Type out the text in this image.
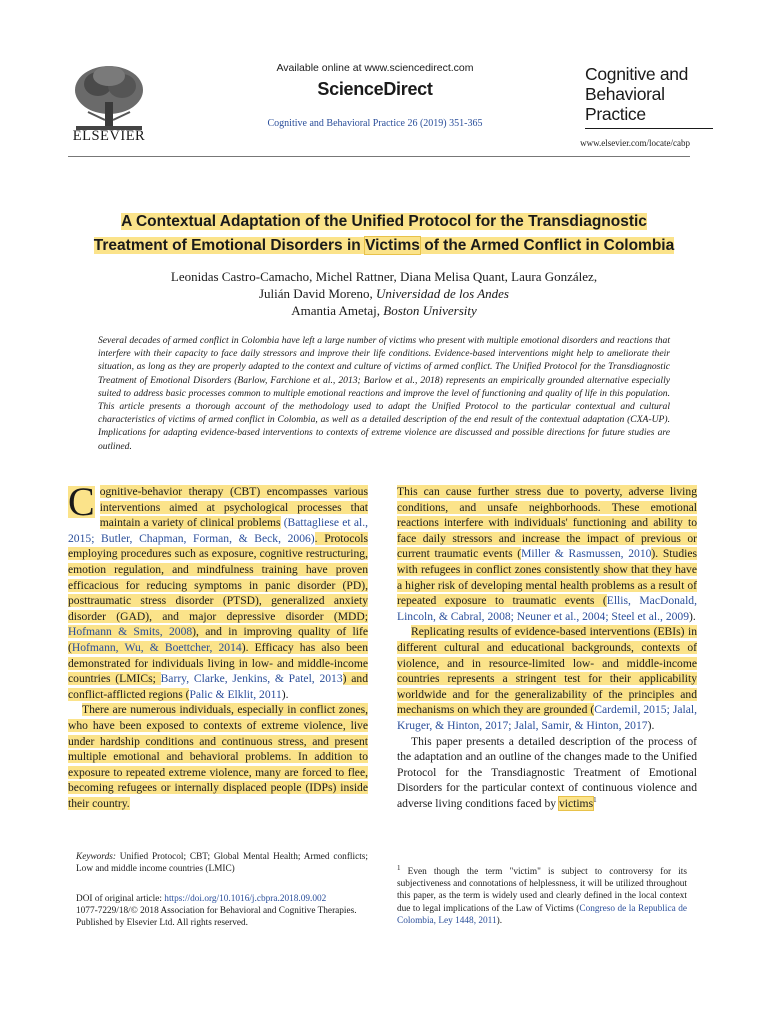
ELSEVIER
Available online at www.sciencedirect.com
ScienceDirect
Cognitive and Behavioral Practice 26 (2019) 351-365
Cognitive and
Behavioral
Practice
www.elsevier.com/locate/cabp
A Contextual Adaptation of the Unified Protocol for the Transdiagnostic
Treatment of Emotional Disorders in Victims of the Armed Conflict in Colombia
Leonidas Castro-Camacho, Michel Rattner, Diana Melisa Quant, Laura González,
Julián David Moreno, Universidad de los Andes
Amantia Ametaj, Boston University
Several decades of armed conflict in Colombia have left a large number of victims who present with multiple emotional disorders and reactions that interfere with their capacity to face daily stressors and improve their life conditions. Evidence-based interventions might help to ameliorate their situation, as long as they are properly adapted to the context and culture of victims of armed conflict. The Unified Protocol for the Transdiagnostic Treatment of Emotional Disorders (Barlow, Farchione et al., 2013; Barlow et al., 2018) represents an empirically grounded alternative especially suited to address basic processes common to multiple emotional reactions and improve the level of functioning and quality of life in this population. This article presents a thorough account of the methodology used to adapt the Unified Protocol to the particular contextual and cultural characteristics of victims of armed conflict in Colombia, as well as a detailed description of the end result of the contextual adaptation (CXA-UP). Implications for adapting evidence-based interventions to contexts of extreme violence are discussed and possible directions for future studies are outlined.

C ognitive-behavior therapy (CBT) encompasses various interventions aimed at psychological processes that maintain a variety of clinical problems (Battagliese et al., 2015; Butler, Chapman, Forman, & Beck, 2006). Protocols employing procedures such as exposure, cognitive restructuring, emotion regulation, and mindfulness training have proven efficacious for reducing symptoms in panic disorder (PD), posttraumatic stress disorder (PTSD), generalized anxiety disorder (GAD), and major depressive disorder (MDD; Hofmann & Smits, 2008), and in improving quality of life (Hofmann, Wu, & Boettcher, 2014). Efficacy has also been demonstrated for individuals living in low- and middle-income countries (LMICs; Barry, Clarke, Jenkins, & Patel, 2013) and conflict-afflicted regions (Palic & Elklit, 2011).

There are numerous individuals, especially in conflict zones, who have been exposed to contexts of extreme violence, live under hardship conditions and continuous stress, and present multiple emotional and behavioral problems. In addition to exposure to repeated extreme violence, many are forced to flee, becoming refugees or internally displaced people (IDPs) inside their country.

Keywords: Unified Protocol; CBT; Global Mental Health; Armed conflicts; Low and middle income countries (LMIC)
DOI of original article: https://doi.org/10.1016/j.cbpra.2018.09.002
1077-7229/18/© 2018 Association for Behavioral and Cognitive Therapies. Published by Elsevier Ltd. All rights reserved.

This can cause further stress due to poverty, adverse living conditions, and unsafe neighborhoods. These emotional reactions interfere with individuals' functioning and ability to face daily stressors and increase the impact of previous or current traumatic events (Miller & Rasmussen, 2010). Studies with refugees in conflict zones consistently show that they have a higher risk of developing mental health problems as a result of repeated exposure to traumatic events (Ellis, MacDonald, Lincoln, & Cabral, 2008; Neuner et al., 2004; Steel et al., 2009).

Replicating results of evidence-based interventions (EBIs) in different cultural and educational backgrounds, contexts of violence, and in resource-limited low- and middle-income countries represents a stringent test for their applicability worldwide and for the generalizability of the principles and mechanisms on which they are grounded (Cardemil, 2015; Jalal, Kruger, & Hinton, 2017; Jalal, Samir, & Hinton, 2017).

This paper presents a detailed description of the process of the adaptation and an outline of the changes made to the Unified Protocol for the Transdiagnostic Treatment of Emotional Disorders for the particular context of continuous violence and adverse living conditions faced by victims$^1$

$^1$ Even though the term "victim" is subject to controversy for its subjectiveness and connotations of helplessness, it will be utilized throughout this paper, as the term is widely used and clearly defined in the local context due to legal implications of the Law of Victims (Congreso de la Republica de Colombia, Ley 1448, 2011).
